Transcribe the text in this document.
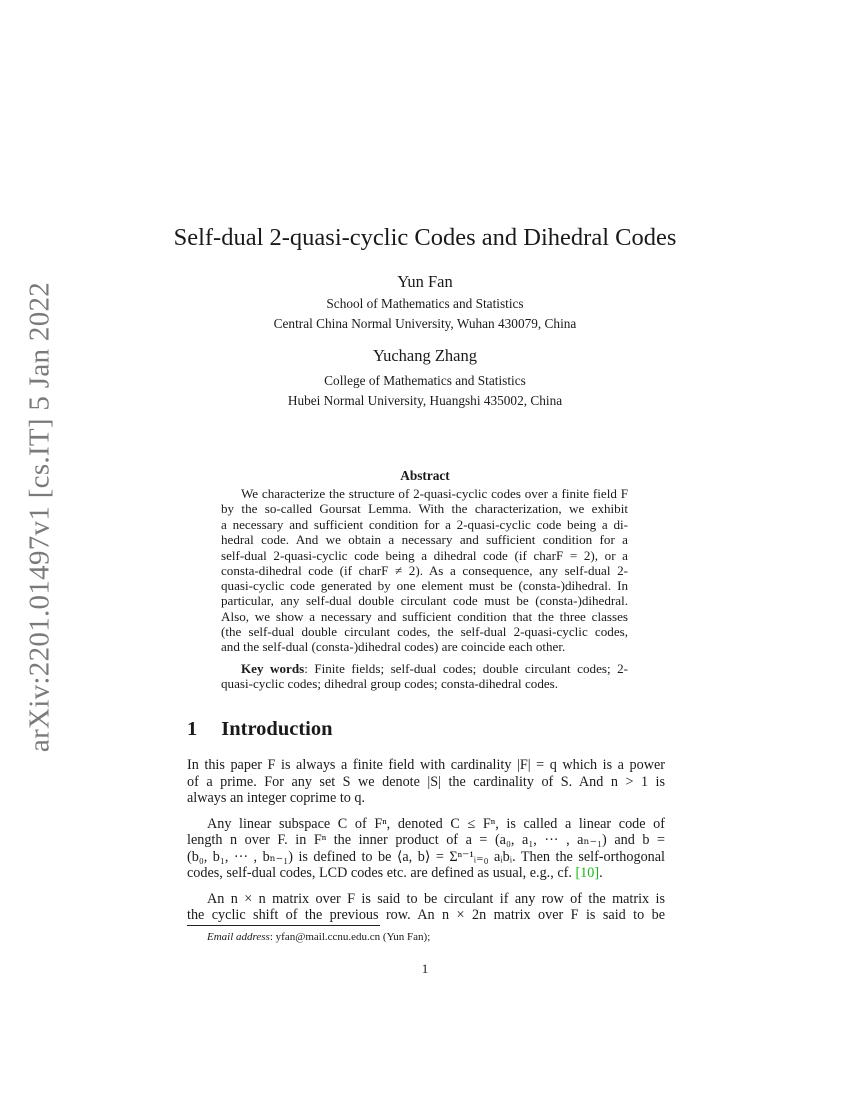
arXiv:2201.01497v1 [cs.IT] 5 Jan 2022
Self-dual 2-quasi-cyclic Codes and Dihedral Codes
Yun Fan
School of Mathematics and Statistics
Central China Normal University, Wuhan 430079, China
Yuchang Zhang
College of Mathematics and Statistics
Hubei Normal University, Huangshi 435002, China
Abstract
We characterize the structure of 2-quasi-cyclic codes over a finite field F
by the so-called Goursat Lemma. With the characterization, we exhibit
a necessary and sufficient condition for a 2-quasi-cyclic code being a di-
hedral code. And we obtain a necessary and sufficient condition for a
self-dual 2-quasi-cyclic code being a dihedral code (if charF = 2), or a
consta-dihedral code (if charF ≠ 2). As a consequence, any self-dual 2-
quasi-cyclic code generated by one element must be (consta-)dihedral. In
particular, any self-dual double circulant code must be (consta-)dihedral.
Also, we show a necessary and sufficient condition that the three classes
(the self-dual double circulant codes, the self-dual 2-quasi-cyclic codes,
and the self-dual (consta-)dihedral codes) are coincide each other.
Key words: Finite fields; self-dual codes; double circulant codes; 2-
quasi-cyclic codes; dihedral group codes; consta-dihedral codes.
1 Introduction
In this paper F is always a finite field with cardinality |F| = q which is a power
of a prime. For any set S we denote |S| the cardinality of S. And n > 1 is
always an integer coprime to q.
Any linear subspace C of Fⁿ, denoted C ≤ Fⁿ, is called a linear code of
length n over F. in Fⁿ the inner product of a = (a₀, a₁, ··· , aₙ₋₁) and b =
(b₀, b₁, ··· , bₙ₋₁) is defined to be ⟨a, b⟩ = Σⁿ⁻¹ᵢ₌₀ aᵢbᵢ. Then the self-orthogonal
codes, self-dual codes, LCD codes etc. are defined as usual, e.g., cf. [10].
An n × n matrix over F is said to be circulant if any row of the matrix is
the cyclic shift of the previous row. An n × 2n matrix over F is said to be
Email address: yfan@mail.ccnu.edu.cn (Yun Fan);
1
